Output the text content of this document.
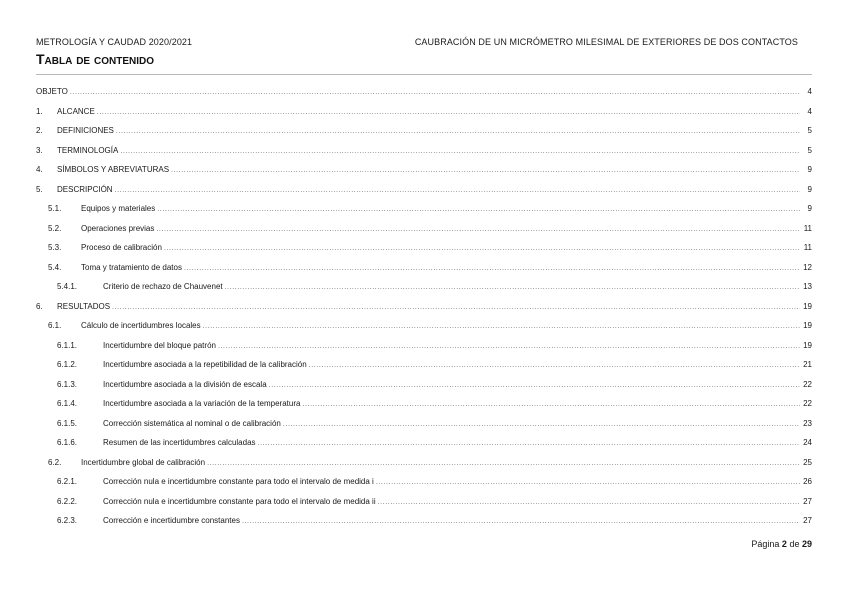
METROLOGÍA Y CAUDAD 2020/2021	CAUBRACIÓN DE UN MICRÓMETRO MILESIMAL DE EXTERIORES DE DOS CONTACTOS
Tabla de contenido
OBJETO .....	4
1.	ALCANCE .....	4
2.	DEFINICIONES .....	5
3.	TERMINOLOGÍA .....	5
4.	SÍMBOLOS Y ABREVIATURAS .....	9
5.	DESCRIPCIÓN .....	9
5.1.	Equipos y materiales .....	9
5.2.	Operaciones previas .....	11
5.3.	Proceso de calibración .....	11
5.4.	Toma y tratamiento de datos .....	12
5.4.1.	Criterio de rechazo de Chauvenet .....	13
6.	RESULTADOS .....	19
6.1.	Cálculo de incertidumbres locales .....	19
6.1.1.	Incertidumbre del bloque patrón .....	19
6.1.2.	Incertidumbre asociada a la repetibilidad de la calibración .....	21
6.1.3.	Incertidumbre asociada a la división de escala .....	22
6.1.4.	Incertidumbre asociada a la variación de la temperatura .....	22
6.1.5.	Corrección sistemática al nominal o de calibración .....	23
6.1.6.	Resumen de las incertidumbres calculadas .....	24
6.2.	Incertidumbre global de calibración .....	25
6.2.1.	Corrección nula e incertidumbre constante para todo el intervalo de medida i .....	26
6.2.2.	Corrección nula e incertidumbre constante para todo el intervalo de medida ii .....	27
6.2.3.	Corrección e incertidumbre constantes .....	27
Página 2 de 29
